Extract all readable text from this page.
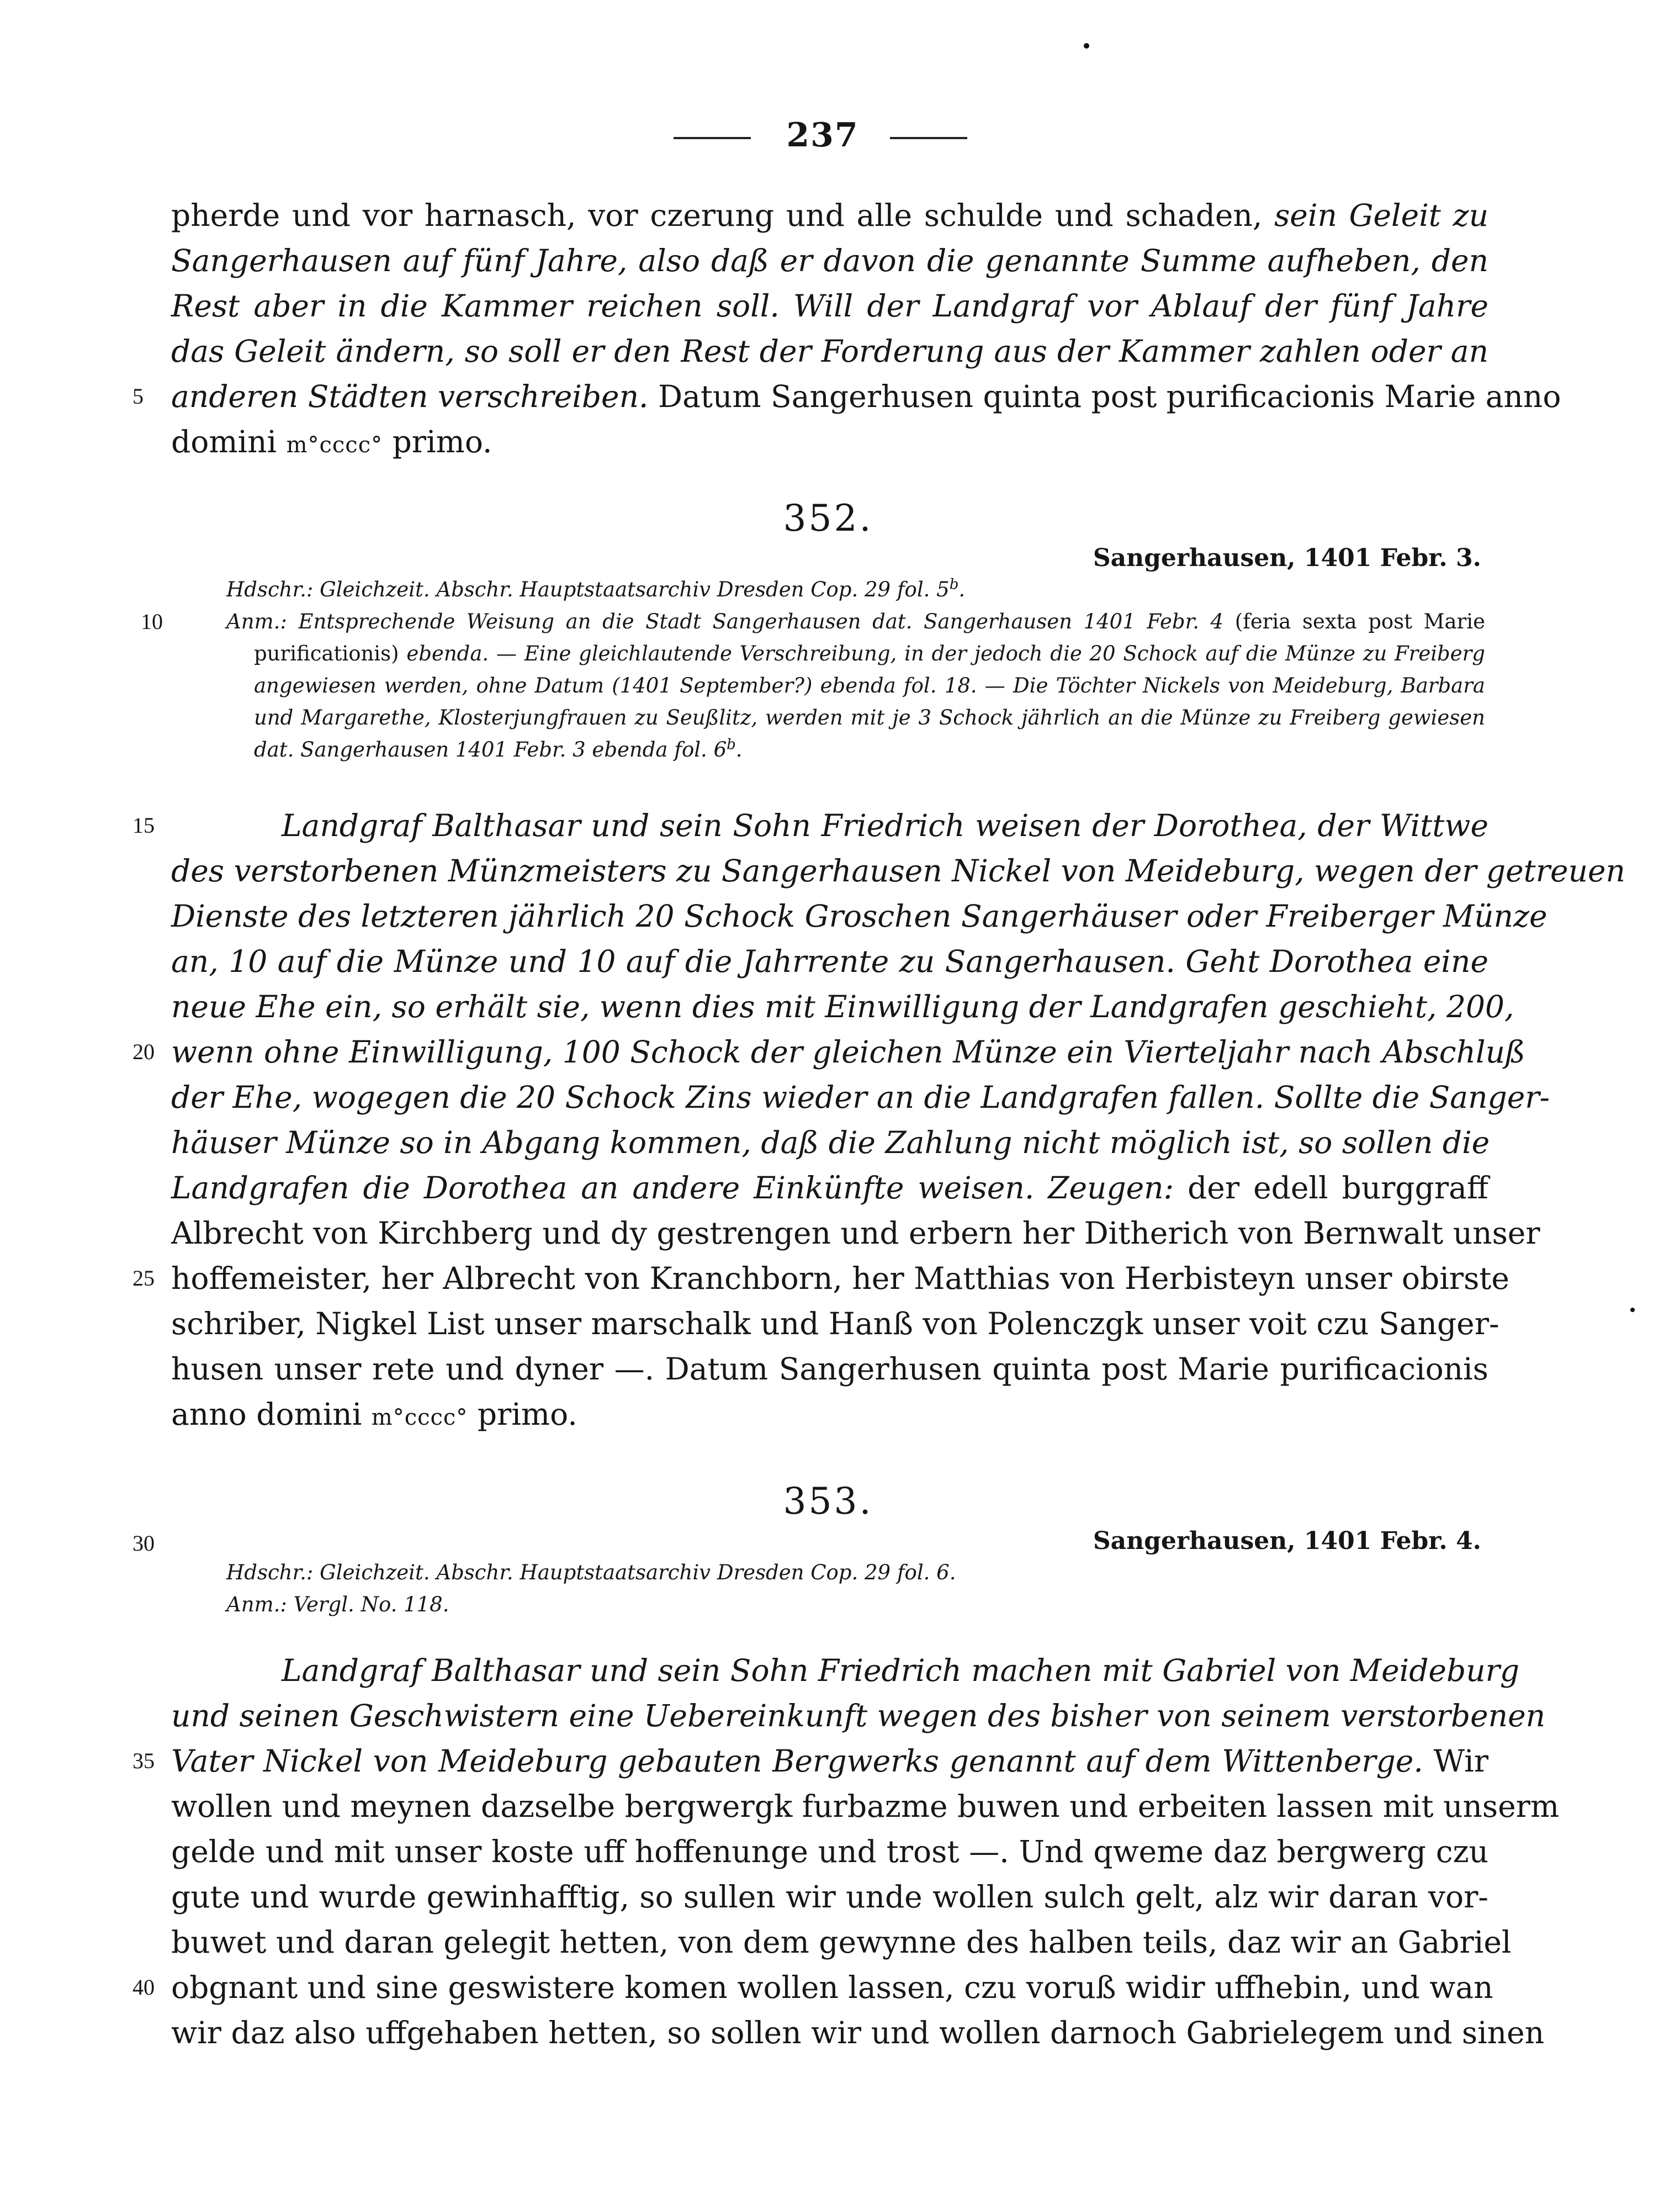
237
pherde und vor harnasch, vor czerung und alle schulde und schaden, sein Geleit zu
Sangerhausen auf fünf Jahre, also daß er davon die genannte Summe aufheben, den
Rest aber in die Kammer reichen soll. Will der Landgraf vor Ablauf der fünf Jahre
das Geleit ändern, so soll er den Rest der Forderung aus der Kammer zahlen oder an
anderen Städten verschreiben. Datum Sangerhusen quinta post purificacionis Marie anno
domini m°cccc° primo.
5
352.
Sangerhausen, 1401 Febr. 3.
Hdschr.: Gleichzeit. Abschr. Hauptstaatsarchiv Dresden Cop. 29 fol. 5$^b$.
Anm.: Entsprechende Weisung an die Stadt Sangerhausen dat. Sangerhausen 1401 Febr. 4 (feria sexta post Marie
purificationis) ebenda. — Eine gleichlautende Verschreibung, in der jedoch die 20 Schock auf die Münze zu Freiberg
angewiesen werden, ohne Datum (1401 September?) ebenda fol. 18. — Die Töchter Nickels von Meideburg, Barbara
und Margarethe, Klosterjungfrauen zu Seußlitz, werden mit je 3 Schock jährlich an die Münze zu Freiberg gewiesen
dat. Sangerhausen 1401 Febr. 3 ebenda fol. 6$^b$.
10
Landgraf Balthasar und sein Sohn Friedrich weisen der Dorothea, der Wittwe
des verstorbenen Münzmeisters zu Sangerhausen Nickel von Meideburg, wegen der getreuen
Dienste des letzteren jährlich 20 Schock Groschen Sangerhäuser oder Freiberger Münze
an, 10 auf die Münze und 10 auf die Jahrrente zu Sangerhausen. Geht Dorothea eine
neue Ehe ein, so erhält sie, wenn dies mit Einwilligung der Landgrafen geschieht, 200,
wenn ohne Einwilligung, 100 Schock der gleichen Münze ein Vierteljahr nach Abschluß
der Ehe, wogegen die 20 Schock Zins wieder an die Landgrafen fallen. Sollte die Sanger-
häuser Münze so in Abgang kommen, daß die Zahlung nicht möglich ist, so sollen die
Landgrafen die Dorothea an andere Einkünfte weisen. Zeugen: der edell burggraff
Albrecht von Kirchberg und dy gestrengen und erbern her Ditherich von Bernwalt unser
hoffemeister, her Albrecht von Kranchborn, her Matthias von Herbisteyn unser obirste
schriber, Nigkel List unser marschalk und Hanß von Polenczgk unser voit czu Sanger-
husen unser rete und dyner —. Datum Sangerhusen quinta post Marie purificacionis
anno domini m°cccc° primo.
15
20
25
353.
30	Sangerhausen, 1401 Febr. 4.
Hdschr.: Gleichzeit. Abschr. Hauptstaatsarchiv Dresden Cop. 29 fol. 6.
Anm.: Vergl. No. 118.
Landgraf Balthasar und sein Sohn Friedrich machen mit Gabriel von Meideburg
und seinen Geschwistern eine Uebereinkunft wegen des bisher von seinem verstorbenen
Vater Nickel von Meideburg gebauten Bergwerks genannt auf dem Wittenberge. Wir
wollen und meynen dazselbe bergwergk furbazme buwen und erbeiten lassen mit unserm
gelde und mit unser koste uff hoffenunge und trost —. Und qweme daz bergwerg czu
gute und wurde gewinhafftig, so sullen wir unde wollen sulch gelt, alz wir daran vor-
buwet und daran gelegit hetten, von dem gewynne des halben teils, daz wir an Gabriel
obgnant und sine geswistere komen wollen lassen, czu voruß widir uffhebin, und wan
wir daz also uffgehaben hetten, so sollen wir und wollen darnoch Gabrielegem und sinen
35
40
